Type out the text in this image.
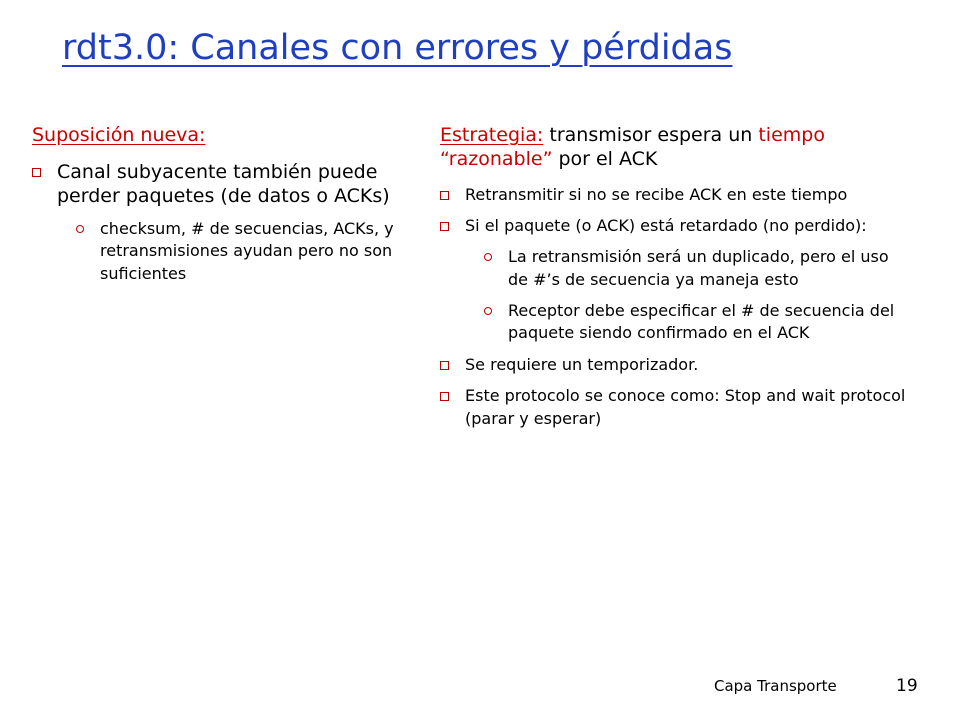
rdt3.0: Canales con errores y pérdidas
Suposición nueva:
Canal subyacente también puede perder paquetes (de datos o ACKs)
checksum, # de secuencias, ACKs, y retransmisiones ayudan pero no son suficientes
Estrategia: transmisor espera un tiempo “razonable” por el ACK
Retransmitir si no se recibe ACK en este tiempo
Si el paquete (o ACK) está retardado (no perdido):
La retransmisión será un duplicado, pero el uso de #’s de secuencia ya maneja esto
Receptor debe especificar el # de secuencia del paquete siendo confirmado en el ACK
Se requiere un temporizador.
Este protocolo se conoce como: Stop and wait protocol (parar y esperar)
Capa Transporte	19
